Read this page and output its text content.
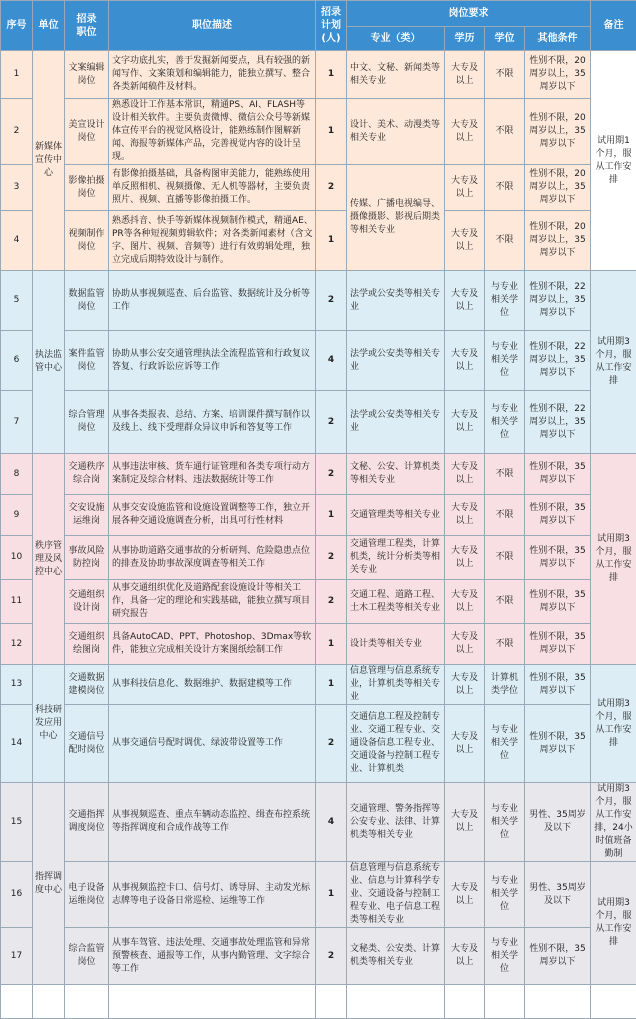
序号	单位	招录
职位	职位描述	招录
计划
(人)	岗位要求				备注
					专业（类）	学历	学位	其他条件	
1	新媒体宣传中心	文案编辑岗位	文字功底扎实，善于发掘新闻要点，具有较强的新闻写作、文案策划和编辑能力，能独立撰写、整合各类新闻稿件及材料。	1	中文、文秘、新闻类等相关专业	大专及以上	不限	性别不限，20周岁以上，35周岁以下	试用期1个月，服从工作安排
2		美宣设计岗位	熟悉设计工作基本常识，精通PS、AI、FLASH等设计相关软件。主要负责微博、微信公众号等新媒体宣传平台的视觉风格设计，能熟练制作图解新闻、海报等新媒体产品，完善视觉内容的设计呈现。	1	设计、美术、动漫类等相关专业	大专及以上	不限	性别不限，20周岁以上，35周岁以下	
3		影像拍摄岗位	有影像拍摄基础，具备构图审美能力，能熟练使用单反照相机、视频摄像、无人机等器材，主要负责照片、视频、直播等影像拍摄工作。	2	传媒、广播电视编导、摄像摄影、影视后期类等相关专业	大专及以上	不限	性别不限，20周岁以上，35周岁以下	
4		视频制作岗位	熟悉抖音、快手等新媒体视频制作模式，精通AE、PR等各种短视频剪辑软件；对各类新闻素材（含文字、图片、视频、音频等）进行有效剪辑处理，独立完成后期特效设计与制作。	1		大专及以上	不限	性别不限，20周岁以上，35周岁以下	
5	执法监管中心	数据监管岗位	协助从事视频巡查、后台监管、数据统计及分析等工作	2	法学或公安类等相关专业	大专及以上	与专业相关学位	性别不限，22周岁以上，35周岁以下	试用期3个月，服从工作安排
6		案件监管岗位	协助从事公安交通管理执法全流程监管和行政复议答复、行政诉讼应诉等工作	4	法学或公安类等相关专业	大专及以上	与专业相关学位	性别不限，22周岁以上，35周岁以下	
7		综合管理岗位	从事各类报表、总结、方案、培训课件撰写制作以及线上、线下受理群众异议申诉和答复等工作	2	法学或公安类等相关专业	大专及以上	与专业相关学位	性别不限，22周岁以上，35周岁以下	
8	秩序管理及风控中心	交通秩序综合岗	从事违法审核、货车通行证管理和各类专项行动方案制定及综合材料、违法数据统计等工作	2	文秘、公安、计算机类等相关专业	大专及以上	不限	性别不限，35周岁以下	试用期3个月，服从工作安排
9		交安设施运维岗	从事交安设施监管和设施设置调整等工作，独立开展各种交通设施调查分析，出具可行性材料	1	交通管理类等相关专业	大专及以上	不限	性别不限，35周岁以下	
10		事故风险防控岗	从事协助道路交通事故的分析研判、危险隐患点位的排查及协助事故深度调查等相关工作	2	交通管理工程类，计算机类，统计分析类等相关专业	大专及以上	不限	性别不限，35周岁以下	
11		交通组织设计岗	从事交通组织优化及道路配套设施设计等相关工作，具备一定的理论和实践基础，能独立撰写项目研究报告	2	交通工程、道路工程、土木工程类等相关专业	大专及以上	不限	性别不限，35周岁以下	
12		交通组织绘图岗	具备AutoCAD、PPT、Photoshop、3Dmax等软件，能独立完成相关设计方案图纸绘制工作	1	设计类等相关专业	大专及以上	不限	性别不限，35周岁以下	
13	科技研发应用中心	交通数据建模岗位	从事科技信息化、数据维护、数据建模等工作	1	信息管理与信息系统专业，计算机类等相关专业	大专及以上	计算机类学位	性别不限，35周岁以下	试用期3个月，服从工作安排
14		交通信号配时岗位	从事交通信号配时调优、绿波带设置等工作	2	交通信息工程及控制专业、交通工程专业、交通设备信息工程专业、交通设备与控制工程专业、计算机类	大专及以上	与专业相关学位	性别不限，35周岁以下	
15	指挥调度中心	交通指挥调度岗位	从事视频巡查、重点车辆动态监控、缉查布控系统等指挥调度和合成作战等工作	4	交通管理、警务指挥等公安专业、法律、计算机类等相关专业	大专及以上	与专业相关学位	男性、35周岁及以下	试用期3个月，服从工作安排，24小时值班备勤制
16		电子设备运维岗位	从事视频监控卡口、信号灯、诱导屏、主动发光标志牌等电子设备日常巡检、运维等工作	1	信息管理与信息系统专业、信息与计算科学专业、交通设备与控制工程专业、电子信息工程类等相关专业	大专及以上	与专业相关学位	男性、35周岁及以下	试用期3个月，服从工作安排
17		综合监管岗位	从事车驾管、违法处理、交通事故处理监管和异常预警核查、通报等工作，从事内勤管理、文字综合等工作	2	文秘类、公安类、计算机类等相关专业	大专及以上	与专业相关学位	性别不限，35周岁以下	
